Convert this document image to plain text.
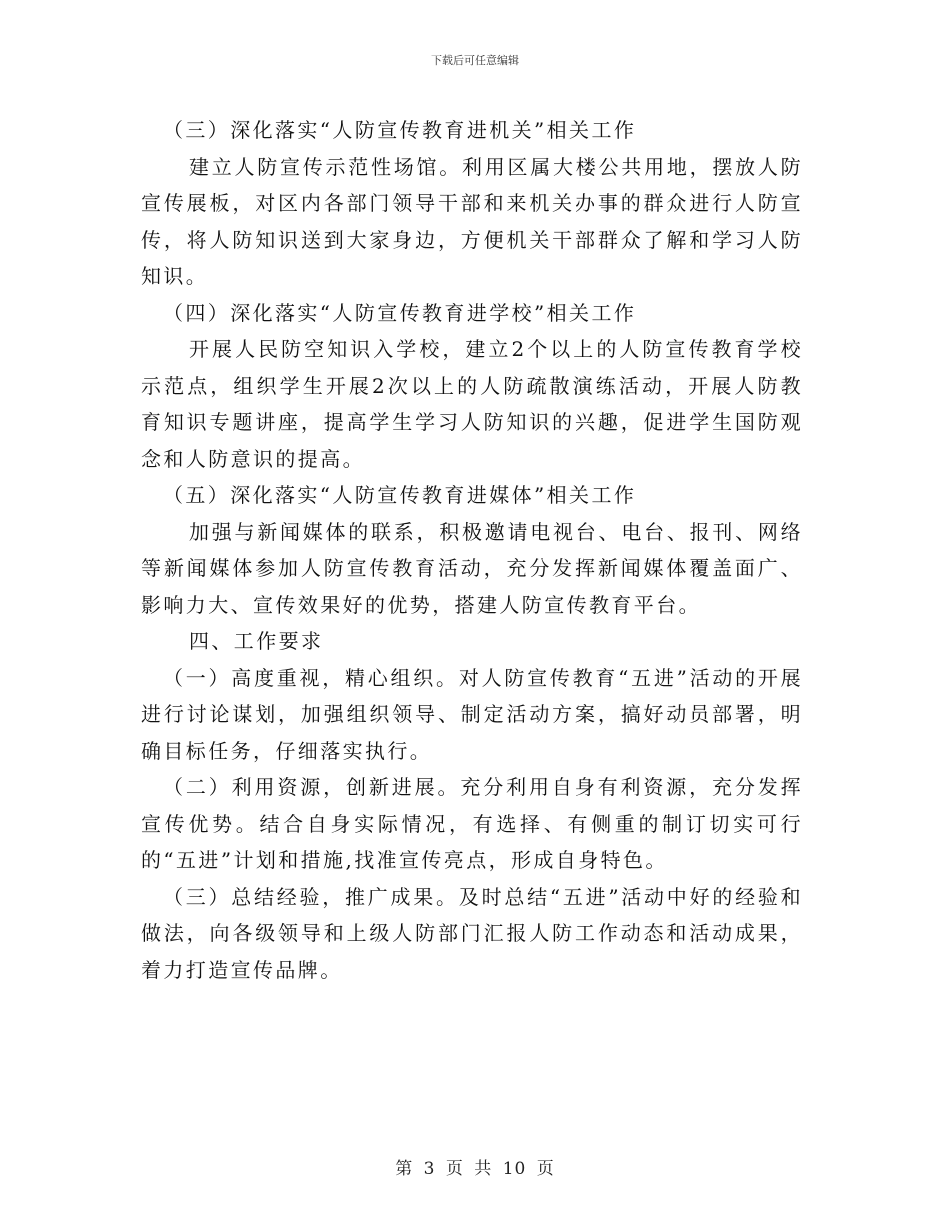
下载后可任意编辑

（三）深化落实“人防宣传教育进机关”相关工作

建立人防宣传示范性场馆。利用区属大楼公共用地，摆放人防宣传展板，对区内各部门领导干部和来机关办事的群众进行人防宣传，将人防知识送到大家身边，方便机关干部群众了解和学习人防知识。

（四）深化落实“人防宣传教育进学校”相关工作

开展人民防空知识入学校，建立2个以上的人防宣传教育学校示范点，组织学生开展2次以上的人防疏散演练活动，开展人防教育知识专题讲座，提高学生学习人防知识的兴趣，促进学生国防观念和人防意识的提高。

（五）深化落实“人防宣传教育进媒体”相关工作

加强与新闻媒体的联系，积极邀请电视台、电台、报刊、网络等新闻媒体参加人防宣传教育活动，充分发挥新闻媒体覆盖面广、影响力大、宣传效果好的优势，搭建人防宣传教育平台。

四、工作要求

（一）高度重视，精心组织。对人防宣传教育“五进”活动的开展进行讨论谋划，加强组织领导、制定活动方案，搞好动员部署，明确目标任务，仔细落实执行。

（二）利用资源，创新进展。充分利用自身有利资源，充分发挥宣传优势。结合自身实际情况，有选择、有侧重的制订切实可行的“五进”计划和措施,找准宣传亮点，形成自身特色。

（三）总结经验，推广成果。及时总结“五进”活动中好的经验和做法，向各级领导和上级人防部门汇报人防工作动态和活动成果，着力打造宣传品牌。

第 3 页 共 10 页
